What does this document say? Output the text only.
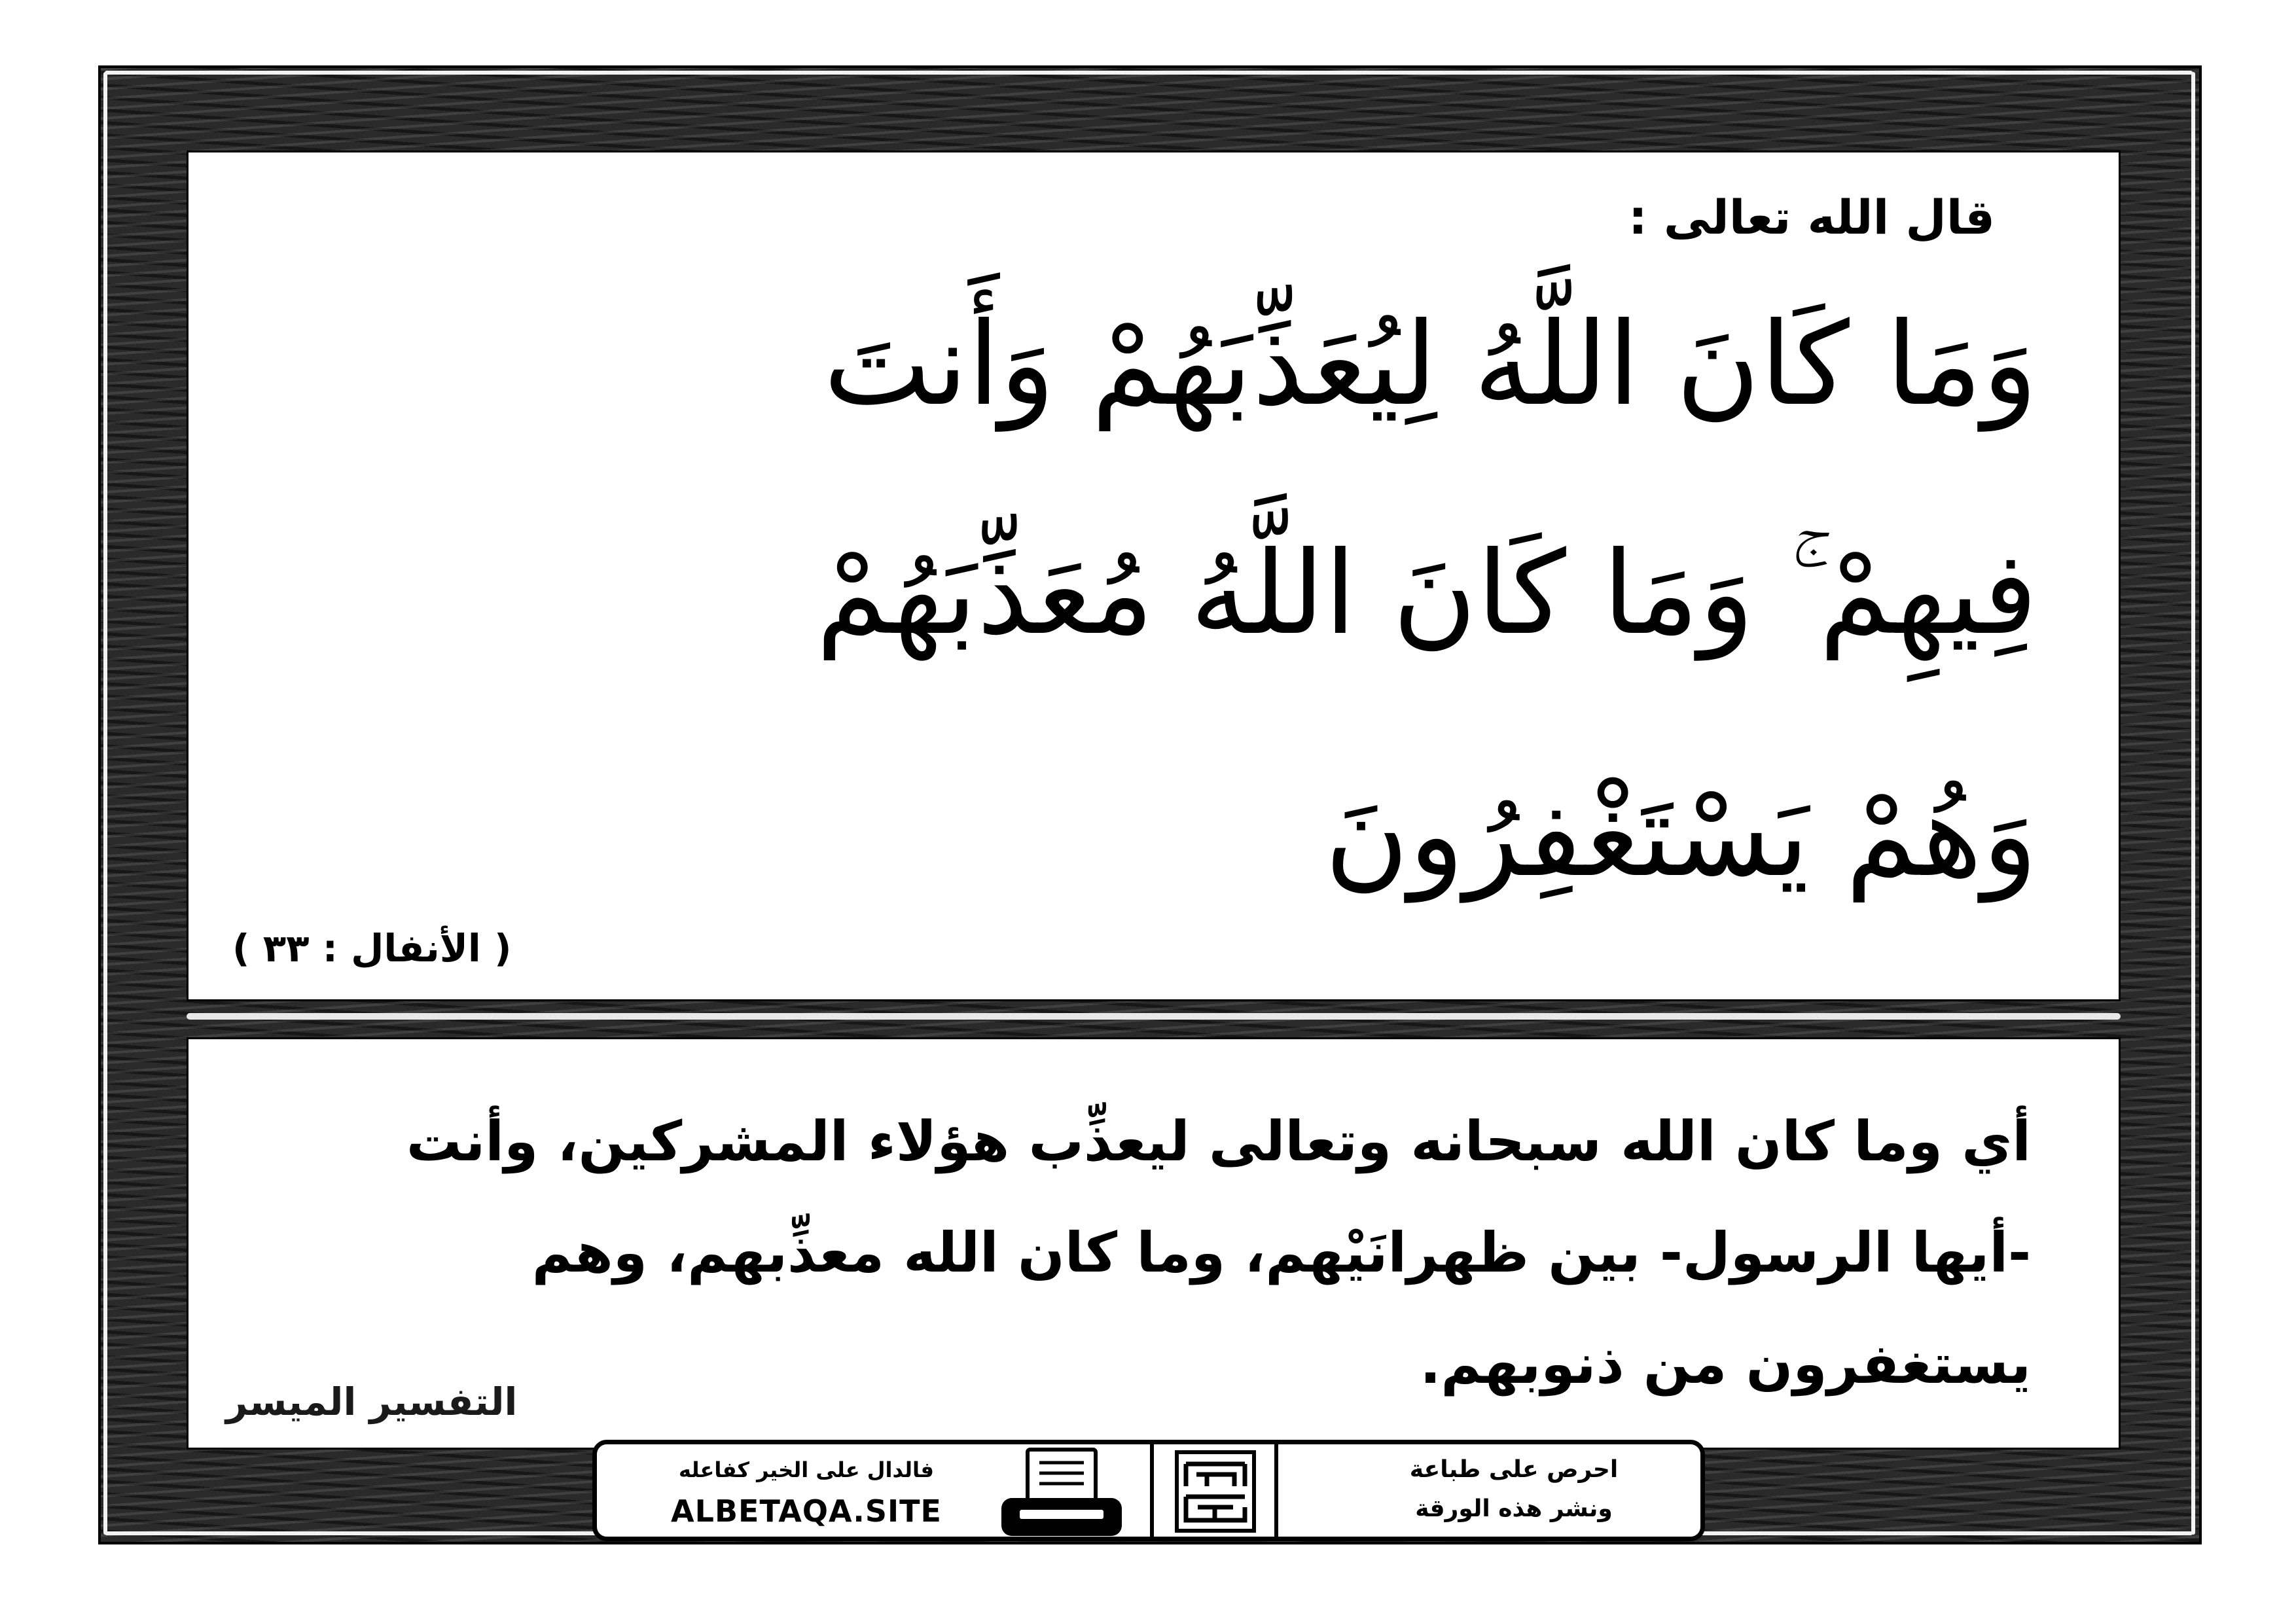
قال الله تعالى :
وَمَا كَانَ اللَّهُ لِيُعَذِّبَهُمْ وَأَنتَ
فِيهِمْ ۚ وَمَا كَانَ اللَّهُ مُعَذِّبَهُمْ
وَهُمْ يَسْتَغْفِرُونَ
( الأنفال : ٣٣ )
أي وما كان الله سبحانه وتعالى ليعذِّب هؤلاء المشركين، وأنت
-أيها الرسول- بين ظهرانَيْهم، وما كان الله معذِّبهم، وهم
يستغفرون من ذنوبهم.
التفسير الميسر
فالدال على الخير كفاعله
ALBETAQA.SITE
احرص على طباعة
ونشر هذه الورقة
